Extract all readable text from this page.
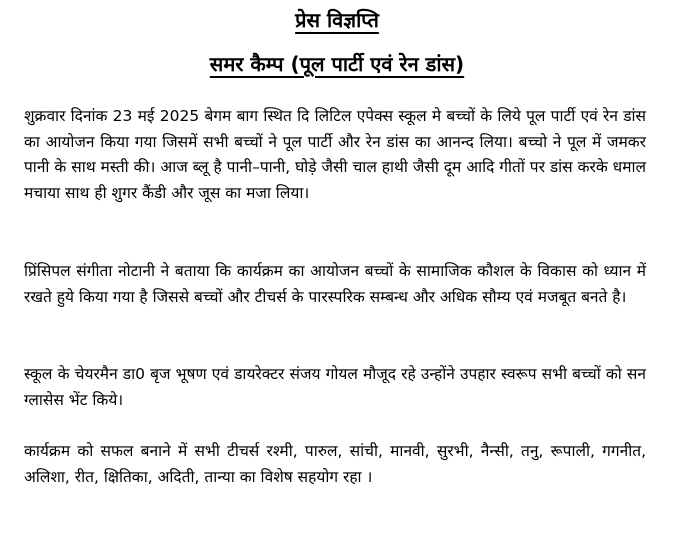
प्रेस विज्ञप्ति
समर कैम्प (पूल पार्टी एवं रेन डांस)

शुक्रवार दिनांक 23 मई 2025 बेगम बाग स्थित दि लिटिल एपेक्स स्कूल मे बच्चों के लिये पूल पार्टी एवं रेन डांस का आयोजन किया गया जिसमें सभी बच्चों ने पूल पार्टी और रेन डांस का आनन्द लिया। बच्चो ने पूल में जमकर पानी के साथ मस्ती की। आज ब्लू है पानी–पानी, घोड़े जैसी चाल हाथी जैसी दूम आदि गीतों पर डांस करके धमाल मचाया साथ ही शुगर कैंडी और जूस का मजा लिया।

प्रिंसिपल संगीता नोटानी ने बताया कि कार्यक्रम का आयोजन बच्चों के सामाजिक कौशल के विकास को ध्यान में रखते हुये किया गया है जिससे बच्चों और टीचर्स के पारस्परिक सम्बन्ध और अधिक सौम्य एवं मजबूत बनते है।

स्कूल के चेयरमैन डा0 बृज भूषण एवं डायरेक्टर संजय गोयल मौजूद रहे उन्होंने उपहार स्वरूप सभी बच्चों को सन ग्लासेस भेंट किये।

कार्यक्रम को सफल बनाने में सभी टीचर्स रश्मी, पारुल, सांची, मानवी, सुरभी, नैन्सी, तनु, रूपाली, गगनीत, अलिशा, रीत, क्षितिका, अदिती, तान्या का विशेष सहयोग रहा ।
